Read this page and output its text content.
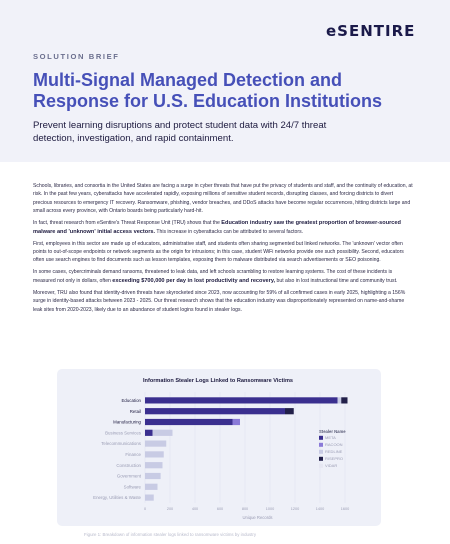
eSENTIRE
SOLUTION BRIEF
Multi-Signal Managed Detection and Response for U.S. Education Institutions
Prevent learning disruptions and protect student data with 24/7 threat detection, investigation, and rapid containment.

Schools, libraries, and consortia in the United States are facing a surge in cyber threats that have put the privacy of students and staff, and the continuity of education, at risk. In the past few years, cyberattacks have accelerated rapidly, exposing millions of sensitive student records, disrupting classes, and forcing districts to divert precious resources to emergency IT recovery. Ransomware, phishing, vendor breaches, and DDoS attacks have become regular occurrences, hitting districts large and small across every province, with Ontario boards being particularly hard-hit.

In fact, threat research from eSentire's Threat Response Unit (TRU) shows that the Education industry saw the greatest proportion of browser-sourced malware and 'unknown' initial access vectors. This increase in cyberattacks can be attributed to several factors.

First, employees in this sector are made up of educators, administrative staff, and students often sharing segmented but linked networks. The 'unknown' vector often points to out-of-scope endpoints or network segments as the origin for intrusions; in this case, student WiFi networks provide one such possibility. Second, educators often use search engines to find documents such as lesson templates, exposing them to malware distributed via search advertisements or SEO poisoning.

In some cases, cybercriminals demand ransoms, threatened to leak data, and left schools scrambling to restore learning systems. The cost of these incidents is measured not only in dollars, often exceeding $700,000 per day in lost productivity and recovery, but also in lost instructional time and community trust.

Moreover, TRU also found that identity-driven threats have skyrocketed since 2023, now accounting for 59% of all confirmed cases in early 2025, highlighting a 156% surge in identity-based attacks between 2023 - 2025. Our threat research shows that the education industry was disproportionately represented on name-and-shame leak sites from 2020-2023, likely due to an abundance of student logins found in stealer logs.

Information Stealer Logs Linked to Ransomware Victims
0	200	400	600	800	1000	1200	1400	1600
Education
Retail
Manufacturing
Business Services
Telecommunications
Finance
Construction
Government
Software
Energy, Utilities & Waste
Unique Records
Stealer Name
META
RACOON
REDLINE
RISEPRO
VIDAR
Figure 1: Breakdown of information stealer logs linked to ransomware victims by industry
